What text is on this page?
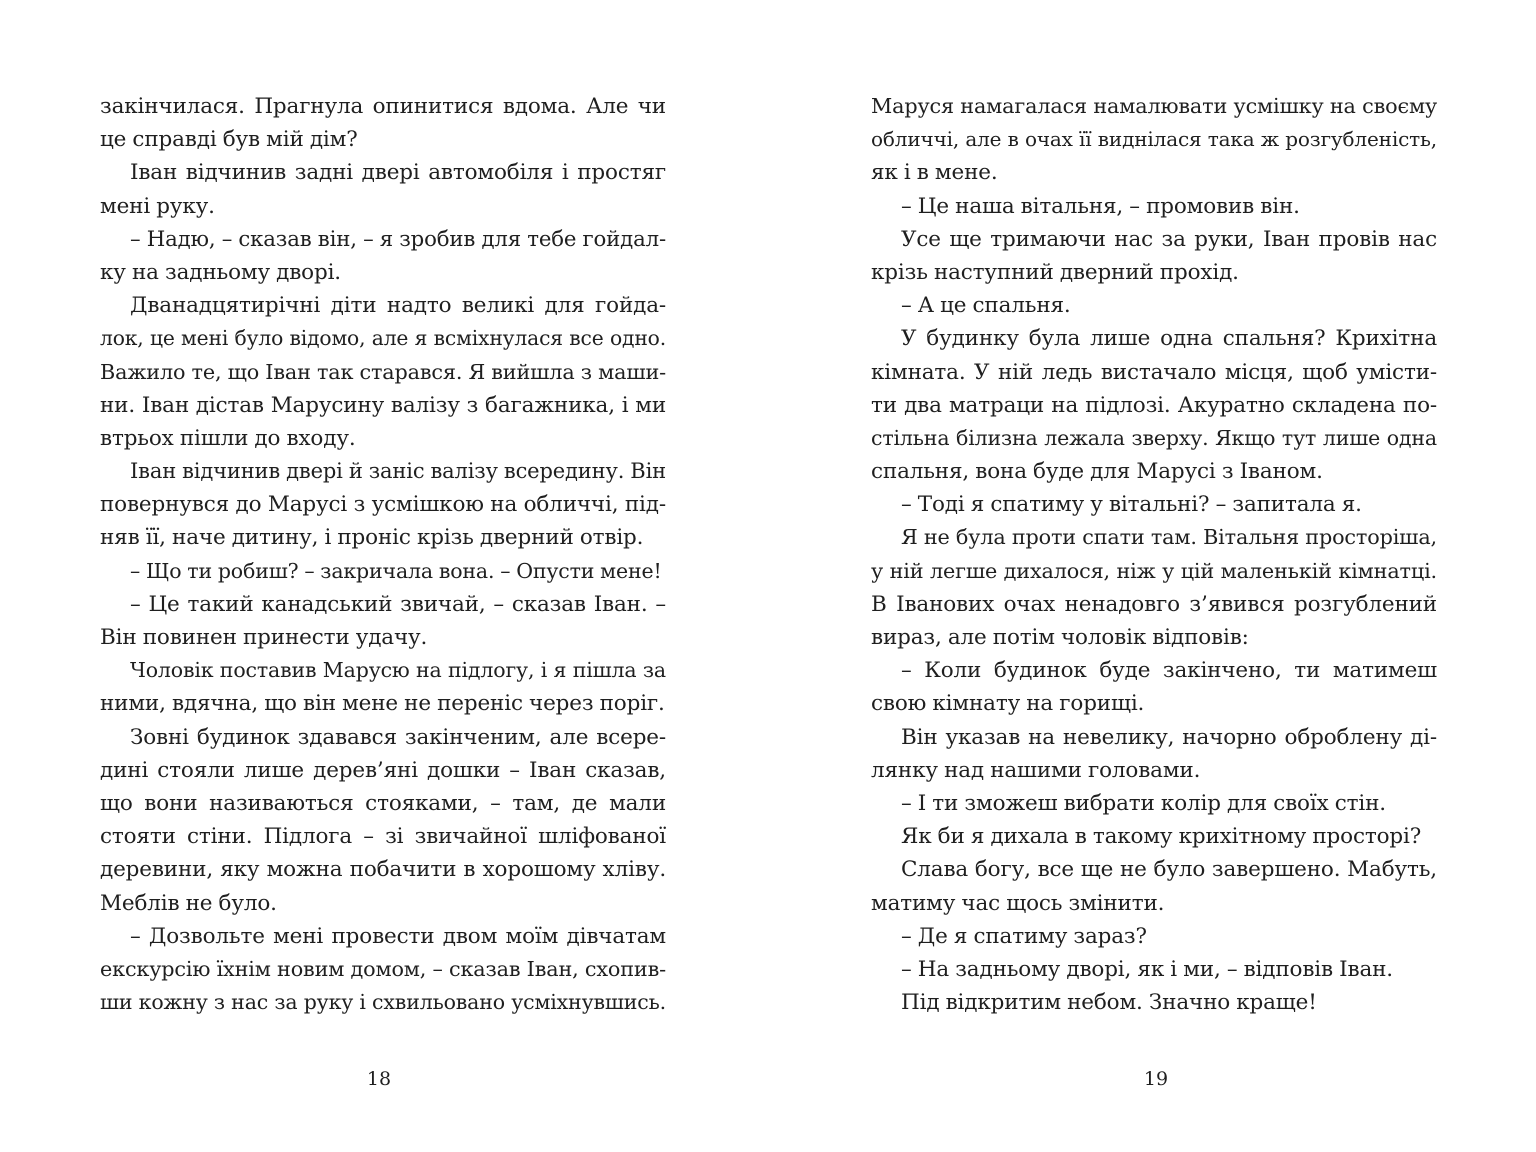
закінчилася. Прагнула опинитися вдома. Але чи
це справді був мій дім?
Іван відчинив задні двері автомобіля і простяг
мені руку.
– Надю, – сказав він, – я зробив для тебе гойдал-
ку на задньому дворі.
Дванадцятирічні діти надто великі для гойда-
лок, це мені було відомо, але я всміхнулася все одно.
Важило те, що Іван так старався. Я вийшла з маши-
ни. Іван дістав Марусину валізу з багажника, і ми
втрьох пішли до входу.
Іван відчинив двері й заніс валізу всередину. Він
повернувся до Марусі з усмішкою на обличчі, під-
няв її, наче дитину, і проніс крізь дверний отвір.
– Що ти робиш? – закричала вона. – Опусти мене!
– Це такий канадський звичай, – сказав Іван. –
Він повинен принести удачу.
Чоловік поставив Марусю на підлогу, і я пішла за
ними, вдячна, що він мене не переніс через поріг.
Зовні будинок здавався закінченим, але всере-
дині стояли лише дерев’яні дошки – Іван сказав,
що вони називаються стояками, – там, де мали
стояти стіни. Підлога – зі звичайної шліфованої
деревини, яку можна побачити в хорошому хліву.
Меблів не було.
– Дозвольте мені провести двом моїм дівчатам
екскурсію їхнім новим домом, – сказав Іван, схопив-
ши кожну з нас за руку і схвильовано усміхнувшись.
Маруся намагалася намалювати усмішку на своєму
обличчі, але в очах її виднілася така ж розгубленість,
як і в мене.
– Це наша вітальня, – промовив він.
Усе ще тримаючи нас за руки, Іван провів нас
крізь наступний дверний прохід.
– А це спальня.
У будинку була лише одна спальня? Крихітна
кімната. У ній ледь вистачало місця, щоб умісти-
ти два матраци на підлозі. Акуратно складена по-
стільна білизна лежала зверху. Якщо тут лише одна
спальня, вона буде для Марусі з Іваном.
– Тоді я спатиму у вітальні? – запитала я.
Я не була проти спати там. Вітальня просторіша,
у ній легше дихалося, ніж у цій маленькій кімнатці.
В Іванових очах ненадовго з’явився розгублений
вираз, але потім чоловік відповів:
– Коли будинок буде закінчено, ти матимеш
свою кімнату на горищі.
Він указав на невелику, начорно оброблену ді-
лянку над нашими головами.
– І ти зможеш вибрати колір для своїх стін.
Як би я дихала в такому крихітному просторі?
Слава богу, все ще не було завершено. Мабуть,
матиму час щось змінити.
– Де я спатиму зараз?
– На задньому дворі, як і ми, – відповів Іван.
Під відкритим небом. Значно краще!
18	19
